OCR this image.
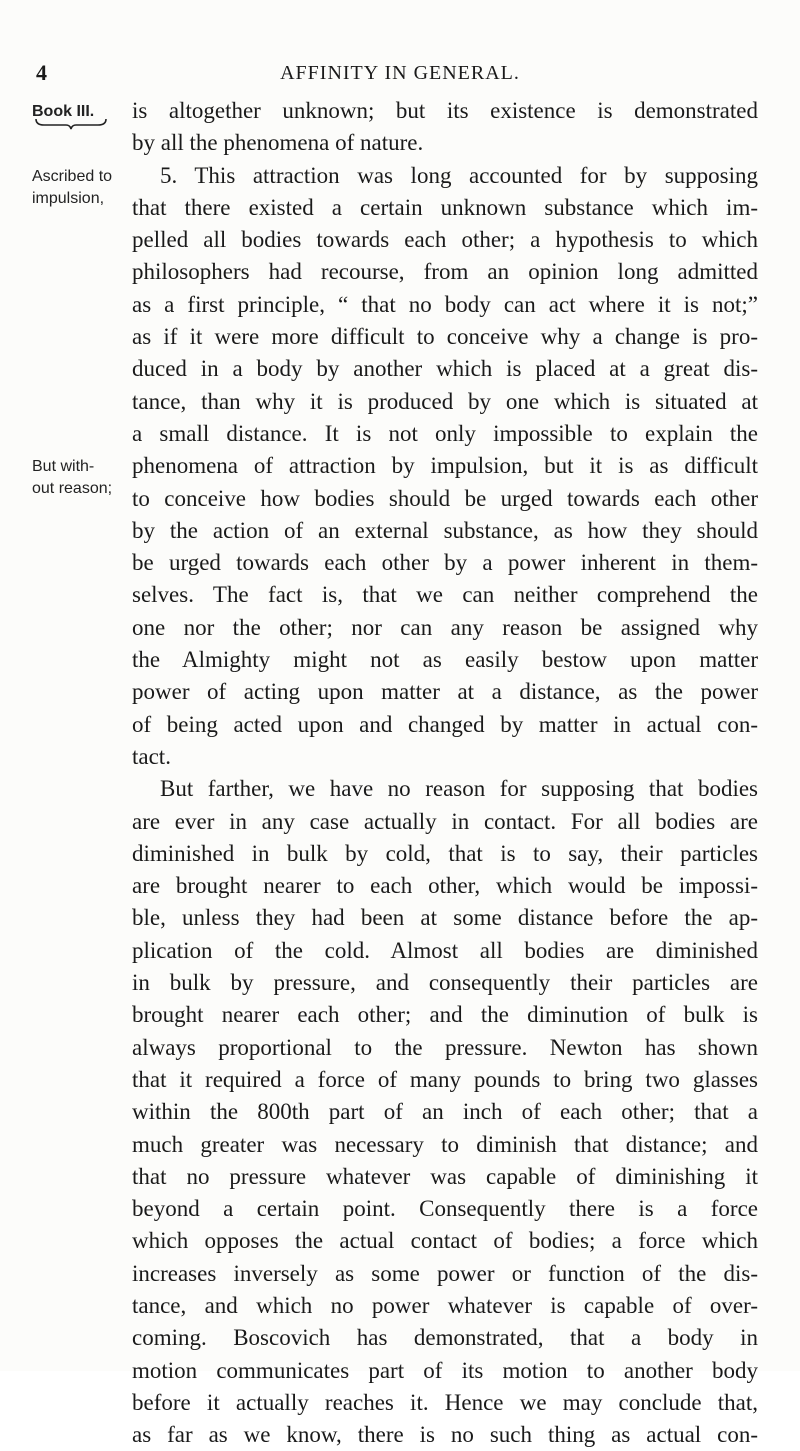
4	AFFINITY IN GENERAL.
Book III.
Ascribed to
impulsion,
But with-
out reason;
is altogether unknown; but its existence is demonstrated
by all the phenomena of nature.
5. This attraction was long accounted for by supposing
that there existed a certain unknown substance which im-
pelled all bodies towards each other; a hypothesis to which
philosophers had recourse, from an opinion long admitted
as a first principle, “ that no body can act where it is not;”
as if it were more difficult to conceive why a change is pro-
duced in a body by another which is placed at a great dis-
tance, than why it is produced by one which is situated at
a small distance. It is not only impossible to explain the
phenomena of attraction by impulsion, but it is as difficult
to conceive how bodies should be urged towards each other
by the action of an external substance, as how they should
be urged towards each other by a power inherent in them-
selves. The fact is, that we can neither comprehend the
one nor the other; nor can any reason be assigned why
the Almighty might not as easily bestow upon matter
power of acting upon matter at a distance, as the power
of being acted upon and changed by matter in actual con-
tact.
But farther, we have no reason for supposing that bodies
are ever in any case actually in contact. For all bodies are
diminished in bulk by cold, that is to say, their particles
are brought nearer to each other, which would be impossi-
ble, unless they had been at some distance before the ap-
plication of the cold. Almost all bodies are diminished
in bulk by pressure, and consequently their particles are
brought nearer each other; and the diminution of bulk is
always proportional to the pressure. Newton has shown
that it required a force of many pounds to bring two glasses
within the 800th part of an inch of each other; that a
much greater was necessary to diminish that distance; and
that no pressure whatever was capable of diminishing it
beyond a certain point. Consequently there is a force
which opposes the actual contact of bodies; a force which
increases inversely as some power or function of the dis-
tance, and which no power whatever is capable of over-
coming. Boscovich has demonstrated, that a body in
motion communicates part of its motion to another body
before it actually reaches it. Hence we may conclude that,
as far as we know, there is no such thing as actual con-
